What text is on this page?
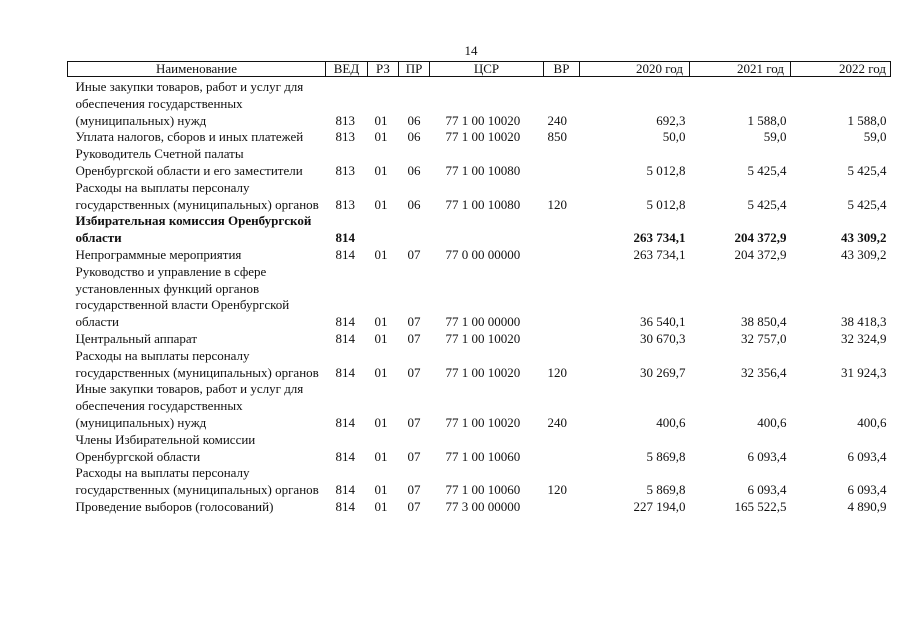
14
Наименование	ВЕД	РЗ	ПР	ЦСР	ВР	2020 год	2021 год	2022 год
Иные закупки товаров, работ и услуг для обеспечения государственных (муниципальных) нужд	813	01	06	77 1 00 10020	240	692,3	1 588,0	1 588,0
Уплата налогов, сборов и иных платежей	813	01	06	77 1 00 10020	850	50,0	59,0	59,0
Руководитель Счетной палаты Оренбургской области и его заместители	813	01	06	77 1 00 10080		5 012,8	5 425,4	5 425,4
Расходы на выплаты персоналу государственных (муниципальных) органов	813	01	06	77 1 00 10080	120	5 012,8	5 425,4	5 425,4
Избирательная комиссия Оренбургской области	814					263 734,1	204 372,9	43 309,2
Непрограммные мероприятия	814	01	07	77 0 00 00000		263 734,1	204 372,9	43 309,2
Руководство и управление в сфере установленных функций органов государственной власти Оренбургской области	814	01	07	77 1 00 00000		36 540,1	38 850,4	38 418,3
Центральный аппарат	814	01	07	77 1 00 10020		30 670,3	32 757,0	32 324,9
Расходы на выплаты персоналу государственных (муниципальных) органов	814	01	07	77 1 00 10020	120	30 269,7	32 356,4	31 924,3
Иные закупки товаров, работ и услуг для обеспечения государственных (муниципальных) нужд	814	01	07	77 1 00 10020	240	400,6	400,6	400,6
Члены Избирательной комиссии Оренбургской области	814	01	07	77 1 00 10060		5 869,8	6 093,4	6 093,4
Расходы на выплаты персоналу государственных (муниципальных) органов	814	01	07	77 1 00 10060	120	5 869,8	6 093,4	6 093,4
Проведение выборов (голосований)	814	01	07	77 3 00 00000		227 194,0	165 522,5	4 890,9
